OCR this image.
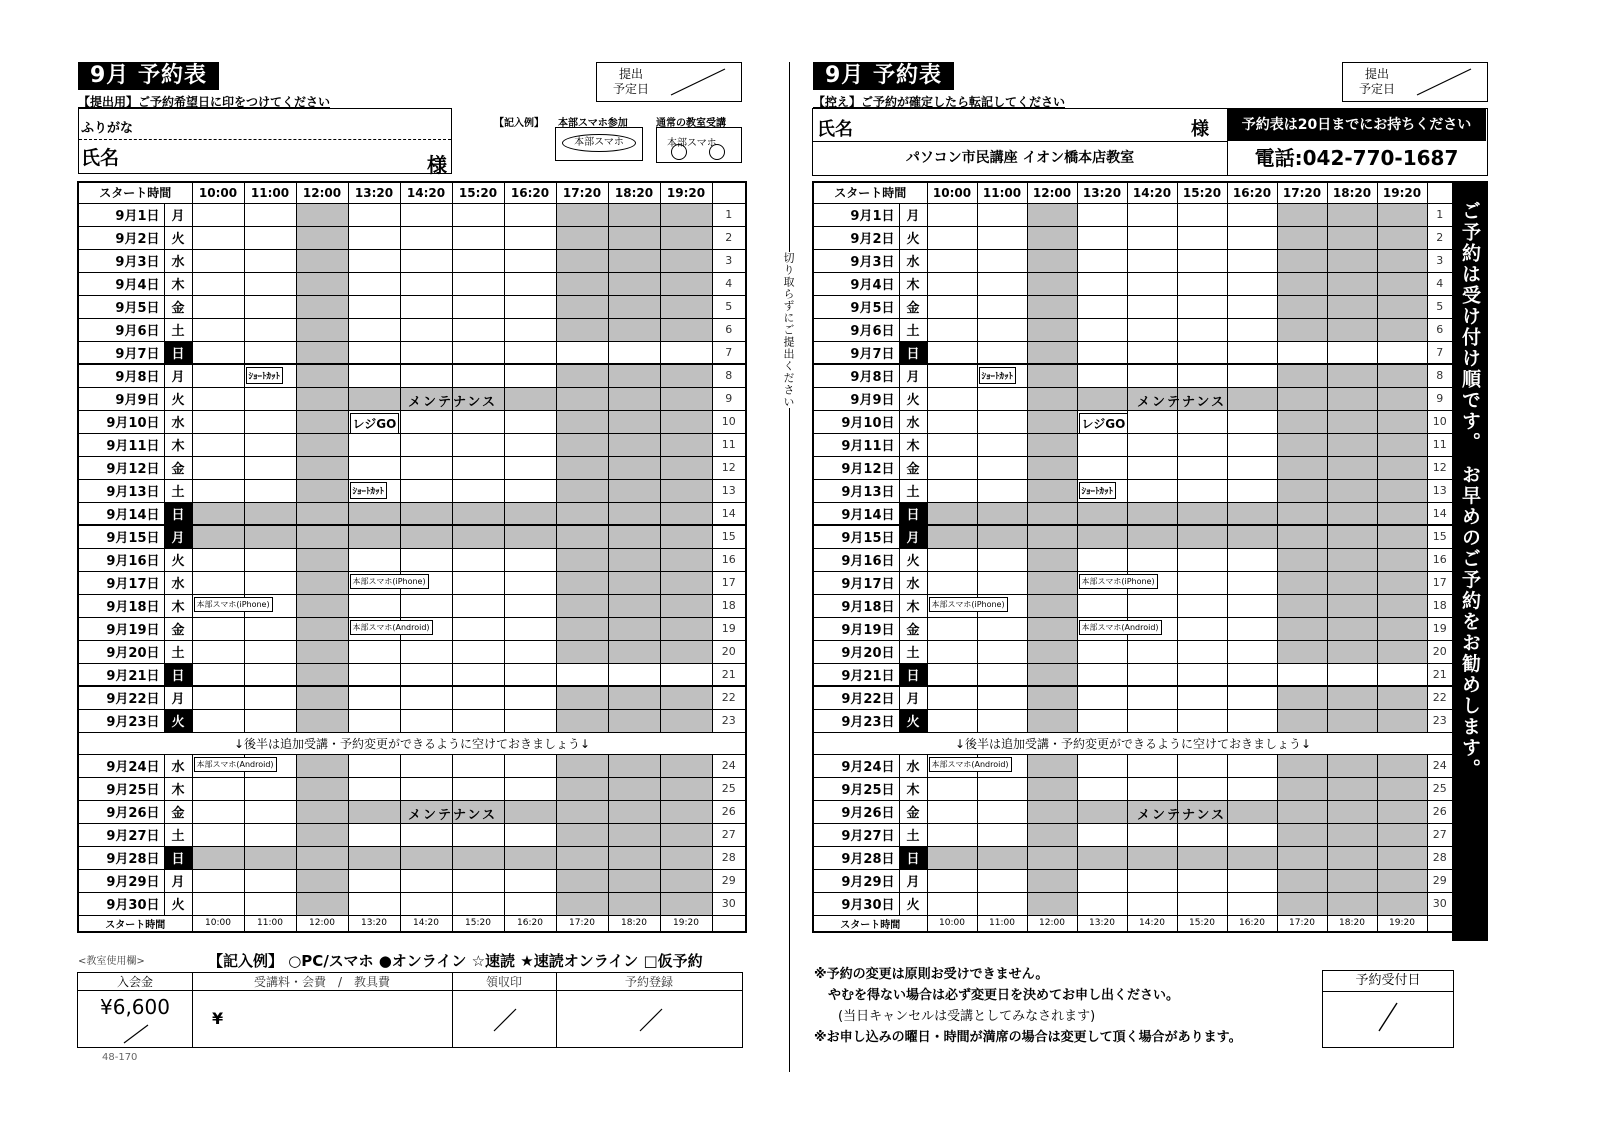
9月 予約表
【提出用】ご予約希望日に印をつけてください
提出
予定日
ふりがな
氏名	様
【記入例】 本部スマホ参加	通常の教室受講
本部スマホ	本部スマホ
スタート時間		10:00	11:00	12:00	13:20	14:20	15:20	16:20	17:20	18:20	19:20	
9月1日	月											1
9月2日	火											2
9月3日	水											3
9月4日	木											4
9月5日	金											5
9月6日	土											6
9月7日	日											7
9月8日	月		ｼｮｰﾄｶｯﾄ									8
9月9日	火				メンテナンス							9
9月10日	水				レジGO							10
9月11日	木											11
9月12日	金											12
9月13日	土				ｼｮｰﾄｶｯﾄ							13
9月14日	日											14
9月15日	月											15
9月16日	火											16
9月17日	水				本部スマホ(iPhone)							17
9月18日	木	本部スマホ(iPhone)										18
9月19日	金				本部スマホ(Android)							19
9月20日	土											20
9月21日	日											21
9月22日	月											22
9月23日	火											23
↓後半は追加受講・予約変更ができるように空けておきましょう↓												
9月24日	水	本部スマホ(Android)										24
9月25日	木											25
9月26日	金				メンテナンス							26
9月27日	土											27
9月28日	日											28
9月29日	月											29
9月30日	火											30
スタート時間		10:00	11:00	12:00	13:20	14:20	15:20	16:20	17:20	18:20	19:20	
<教室使用欄>	【記入例】 ○PC/スマホ ●オンライン ☆速読 ★速読オンライン □仮予約
入会金
¥6,600
受講料・会費　/　教具費
¥
領収印	予約登録
48-170
切り取らずにご提出ください
9月 予約表
【控え】ご予約が確定したら転記してください
提出
予定日
氏名	様	予約表は20日までにお持ちください
パソコン市民講座 イオン橋本店教室	電話:042-770-1687
スタート時間		10:00	11:00	12:00	13:20	14:20	15:20	16:20	17:20	18:20	19:20	
9月1日	月											1
9月2日	火											2
9月3日	水											3
9月4日	木											4
9月5日	金											5
9月6日	土											6
9月7日	日											7
9月8日	月		ｼｮｰﾄｶｯﾄ									8
9月9日	火				メンテナンス							9
9月10日	水				レジGO							10
9月11日	木											11
9月12日	金											12
9月13日	土				ｼｮｰﾄｶｯﾄ							13
9月14日	日											14
9月15日	月											15
9月16日	火											16
9月17日	水				本部スマホ(iPhone)							17
9月18日	木	本部スマホ(iPhone)										18
9月19日	金				本部スマホ(Android)							19
9月20日	土											20
9月21日	日											21
9月22日	月											22
9月23日	火											23
↓後半は追加受講・予約変更ができるように空けておきましょう↓												
9月24日	水	本部スマホ(Android)										24
9月25日	木											25
9月26日	金				メンテナンス							26
9月27日	土											27
9月28日	日											28
9月29日	月											29
9月30日	火											30
スタート時間		10:00	11:00	12:00	13:20	14:20	15:20	16:20	17:20	18:20	19:20	
ご予約は受け付け順です。　お早めのご予約をお勧めします。
※予約の変更は原則お受けできません。
やむを得ない場合は必ず変更日を決めてお申し出ください。
(当日キャンセルは受講としてみなされます)
※お申し込みの曜日・時間が満席の場合は変更して頂く場合があります。
予約受付日
